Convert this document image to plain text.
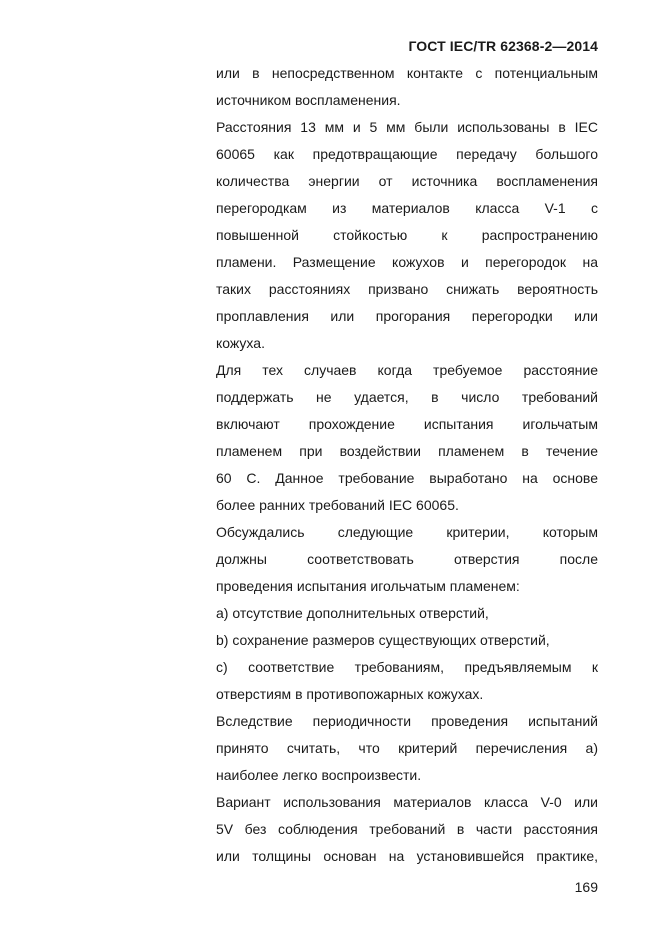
ГОСТ IEC/TR 62368-2—2014

или в непосредственном контакте с потенциальным
источником воспламенения.

Расстояния 13 мм и 5 мм были использованы в IEC
60065 как предотвращающие передачу большого
количества энергии от источника воспламенения
перегородкам из материалов класса V-1 с
повышенной стойкостью к распространению
пламени. Размещение кожухов и перегородок на
таких расстояниях призвано снижать вероятность
проплавления или прогорания перегородки или
кожуха.

Для тех случаев когда требуемое расстояние
поддержать не удается, в число требований
включают прохождение испытания игольчатым
пламенем при воздействии пламенем в течение
60 С. Данное требование выработано на основе
более ранних требований IEC 60065.

Обсуждались следующие критерии, которым
должны соответствовать отверстия после
проведения испытания игольчатым пламенем:

а) отсутствие дополнительных отверстий,

b) сохранение размеров существующих отверстий,

с) соответствие требованиям, предъявляемым к
отверстиям в противопожарных кожухах.

Вследствие периодичности проведения испытаний
принято считать, что критерий перечисления а)
наиболее легко воспроизвести.

Вариант использования материалов класса V-0 или
5V без соблюдения требований в части расстояния
или толщины основан на установившейся практике,

169
